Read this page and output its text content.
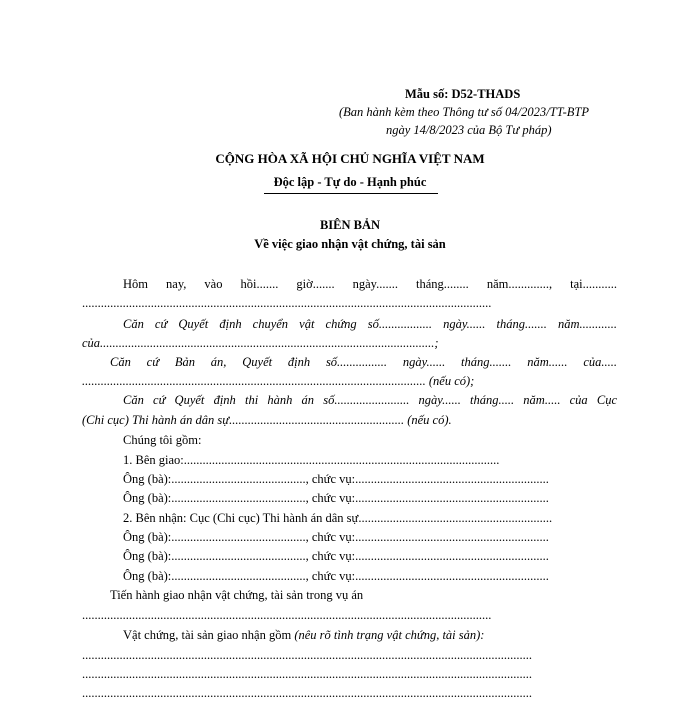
Mẫu số: D52-THADS
(Ban hành kèm theo Thông tư số 04/2023/TT-BTP
ngày 14/8/2023 của Bộ Tư pháp)
CỘNG HÒA XÃ HỘI CHỦ NGHĨA VIỆT NAM
Độc lập - Tự do - Hạnh phúc
BIÊN BẢN
Về việc giao nhận vật chứng, tài sản
Hôm nay, vào hồi....... giờ....... ngày....... tháng........ năm............., tại...........
...................................................................................................................................
Căn cứ Quyết định chuyển vật chứng số................. ngày...... tháng....... năm............
của...........................................................................................................;
Căn cứ Bản án, Quyết định số................ ngày...... tháng....... năm...... của.....
.............................................................................................................. (nếu có);
Căn cứ Quyết định thi hành án số........................ ngày...... tháng..... năm..... của Cục
(Chi cục) Thi hành án dân sự........................................................ (nếu có).
Chúng tôi gồm:
1. Bên giao:.....................................................................................................
Ông (bà):..........................................., chức vụ:..............................................................
Ông (bà):..........................................., chức vụ:..............................................................
2. Bên nhận: Cục (Chi cục) Thi hành án dân sự..............................................................
Ông (bà):..........................................., chức vụ:..............................................................
Ông (bà):..........................................., chức vụ:..............................................................
Ông (bà):..........................................., chức vụ:..............................................................
Tiến hành giao nhận vật chứng, tài sản trong vụ án
...................................................................................................................................
Vật chứng, tài sản giao nhận gồm (nêu rõ tình trạng vật chứng, tài sản):
................................................................................................................................................
................................................................................................................................................
................................................................................................................................................
